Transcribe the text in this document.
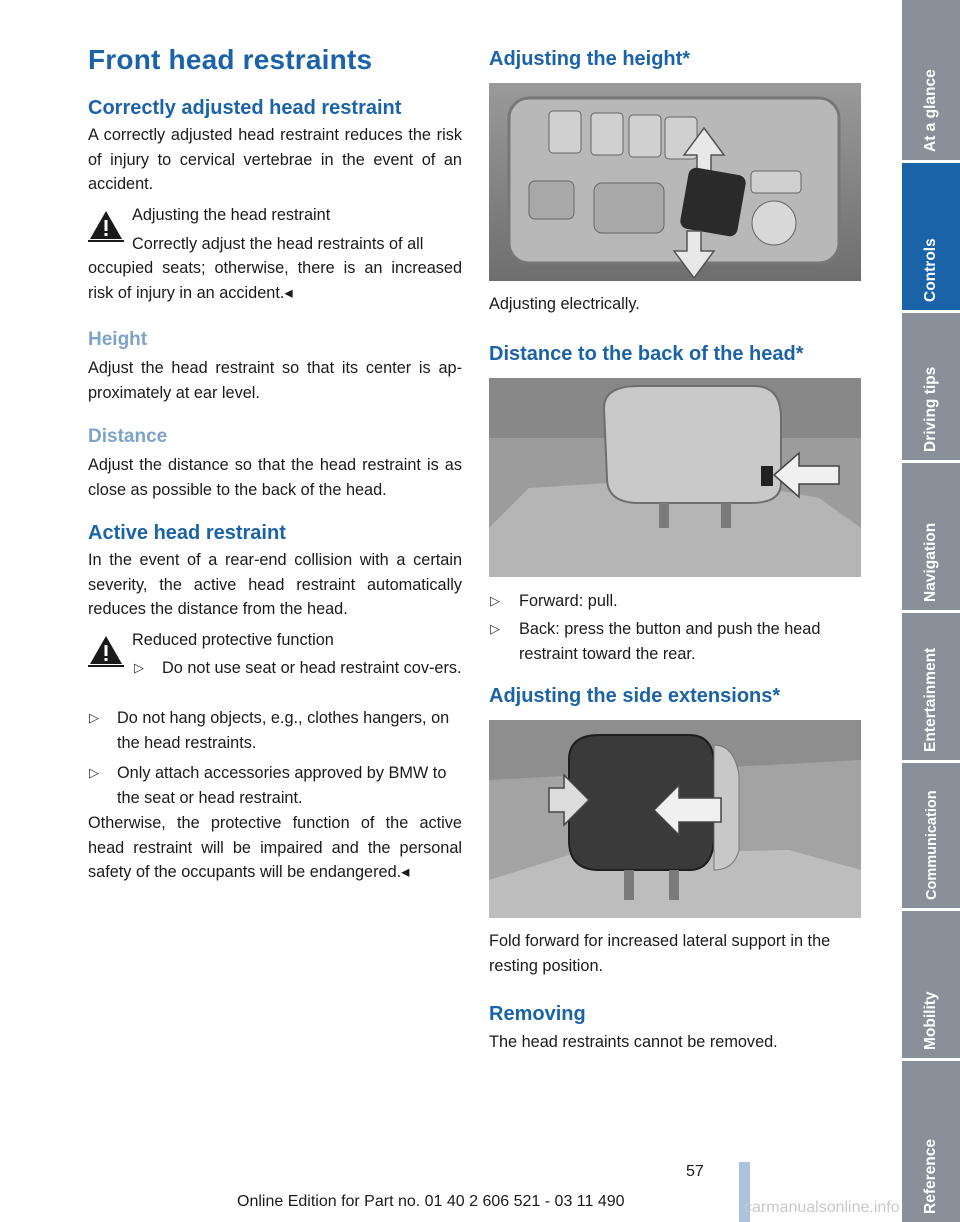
Front head restraints
Correctly adjusted head restraint

A correctly adjusted head restraint reduces the risk of injury to cervical vertebrae in the event of an accident.

Adjusting the head restraint

Correctly adjust the head restraints of all

occupied seats; otherwise, there is an increased risk of injury in an accident.◂

Height

Adjust the head restraint so that its center is ap-proximately at ear level.

Distance

Adjust the distance so that the head restraint is as close as possible to the back of the head.

Active head restraint

In the event of a rear-end collision with a certain severity, the active head restraint automatically reduces the distance from the head.

Reduced protective function

▷ Do not use seat or head restraint cov-ers.

▷ Do not hang objects, e.g., clothes hangers, on the head restraints.

▷ Only attach accessories approved by BMW to the seat or head restraint.

Otherwise, the protective function of the active head restraint will be impaired and the personal safety of the occupants will be endangered.◂

Adjusting the height*

Adjusting electrically.

Distance to the back of the head*
▷ Forward: pull.

▷ Back: press the button and push the head restraint toward the rear.

Adjusting the side extensions*

Fold forward for increased lateral support in the resting position.

Removing

The head restraints cannot be removed.

At a glance
Controls
Driving tips
Navigation
Entertainment
Communication
Mobility
Reference
57
Online Edition for Part no. 01 40 2 606 521 - 03 11 490	carmanualsonline.info
